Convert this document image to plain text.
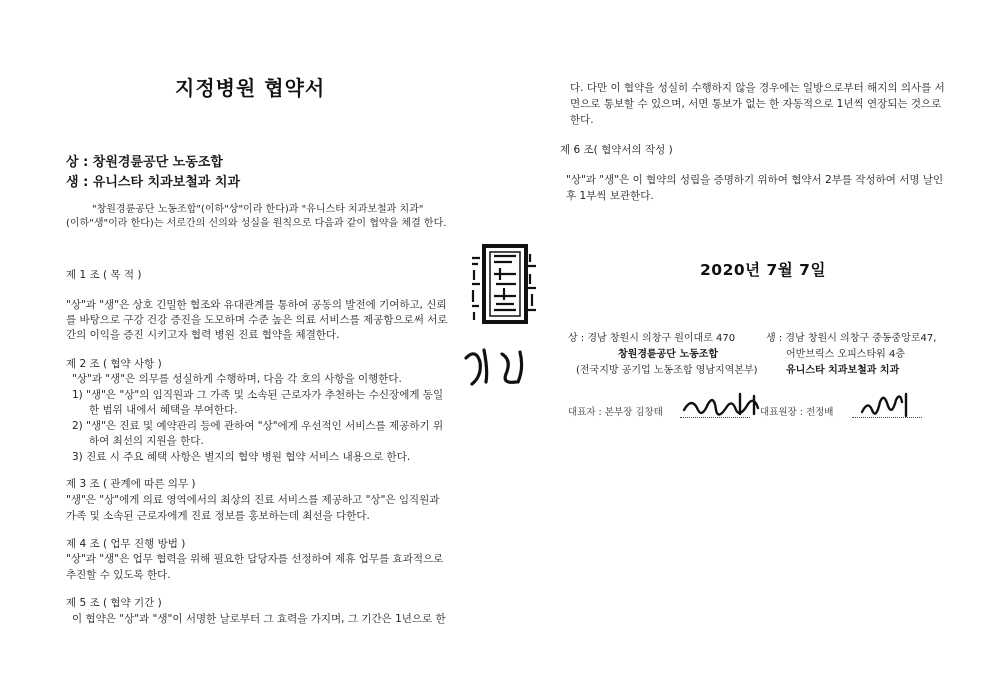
지정병원 협약서
상 : 창원경륜공단 노동조합
생 : 유니스타 치과보철과 치과
"창원경륜공단 노동조합"(이하"상"이라 한다)과 "유니스타 치과보철과 치과"
(이하"생"이라 한다)는 서로간의 신의와 성실을 원칙으로 다음과 같이 협약을 체결 한다.
제 1 조 ( 목 적 )
"상"과 "생"은 상호 긴밀한 협조와 유대관계를 통하여 공동의 발전에 기여하고, 신뢰
를 바탕으로 구강 건강 증진을 도모하며 수준 높은 의료 서비스를 제공함으로써 서로
간의 이익을 증진 시키고자 협력 병원 진료 협약을 체결한다.
제 2 조 ( 협약 사항 )
"상"과 "생"은 의무를 성실하게 수행하며, 다음 각 호의 사항을 이행한다.
1) "생"은 "상"의 임직원과 그 가족 및 소속된 근로자가 추천하는 수신장에게 동일
한 범위 내에서 혜택을 부여한다.
2) "생"은 진료 및 예약관리 등에 관하여 "상"에게 우선적인 서비스를 제공하기 위
하여 최선의 지원을 한다.
3) 진료 시 주요 혜택 사항은 별지의 협약 병원 협약 서비스 내용으로 한다.
제 3 조 ( 관계에 따른 의무 )
"생"은 "상"에게 의료 영역에서의 최상의 진료 서비스를 제공하고 "상"은 임직원과
가족 및 소속된 근로자에게 진료 정보를 홍보하는데 최선을 다한다.
제 4 조 ( 업무 진행 방법 )
"상"과 "생"은 업무 협력을 위해 필요한 담당자를 선정하여 제휴 업무를 효과적으로
추진할 수 있도록 한다.
제 5 조 ( 협약 기간 )
이 협약은 "상"과 "생"이 서명한 날로부터 그 효력을 가지며, 그 기간은 1년으로 한
다. 다만 이 협약을 성실히 수행하지 않을 경우에는 일방으로부터 해지의 의사를 서
면으로 통보할 수 있으며, 서면 통보가 없는 한 자동적으로 1년씩 연장되는 것으로
한다.
제 6 조( 협약서의 작성 )
"상"과 "생"은 이 협약의 성립을 증명하기 위하여 협약서 2부를 작성하여 서명 날인
후 1부씩 보관한다.
2020년 7월 7일
상 : 경남 창원시 의창구 원이대로 470
창원경륜공단 노동조합
(전국지방 공기업 노동조합 영남지역본부)
생 : 경남 창원시 의창구 중동중앙로47,
어반브릭스 오피스타워 4층
유니스타 치과보철과 치과
대표자 : 본부장 김창태	대표원장 : 전정배
